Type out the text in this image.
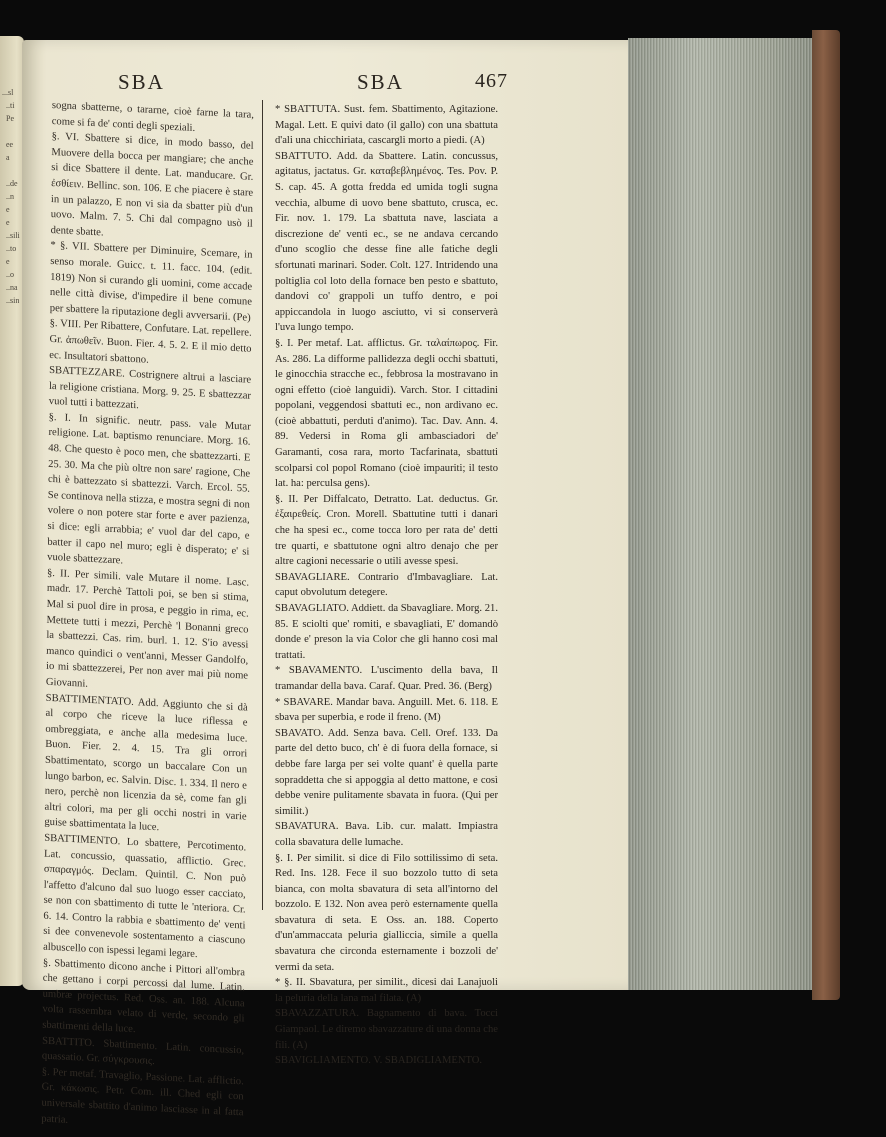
...sl
..ti
Pe

ee
a

..de
..n
e
e
..sili
..to
e
..o
..na
..sin
SBA	SBA	467

sogna sbatterne, o tararne, cioè farne la tara, come si fa de' conti degli speziali.

§. VI. Sbattere si dice, in modo basso, del Muovere della bocca per mangiare; che anche si dice Sbattere il dente. Lat. manducare. Gr. ἐσθίειν. Bellinc. son. 106. E che piacere è stare in un palazzo, E non vi sia da sbatter più d'un uovo. Malm. 7. 5. Chi dal compagno usò il dente sbatte.

* §. VII. Sbattere per Diminuire, Scemare, in senso morale. Guicc. t. 11. facc. 104. (edit. 1819) Non si curando gli uomini, come accade nelle città divise, d'impedire il bene comune per sbattere la riputazione degli avversarii. (Pe)

§. VIII. Per Ribattere, Confutare. Lat. repellere. Gr. ἀπωθεῖν. Buon. Fier. 4. 5. 2. E il mio detto ec. Insultatori sbattono.

SBATTEZZARE. Costrignere altrui a lasciare la religione cristiana. Morg. 9. 25. E sbattezzar vuol tutti i battezzati.

§. I. In signific. neutr. pass. vale Mutar religione. Lat. baptismo renunciare. Morg. 16. 48. Che questo è poco men, che sbattezzarti. E 25. 30. Ma che più oltre non sare' ragione, Che chi è battezzato si sbattezzi. Varch. Ercol. 55. Se continova nella stizza, e mostra segni di non volere o non potere star forte e aver pazienza, si dice: egli arrabbia; e' vuol dar del capo, e batter il capo nel muro; egli è disperato; e' si vuole sbattezzare.

§. II. Per simili. vale Mutare il nome. Lasc. madr. 17. Perchè Tattoli poi, se ben si stima, Mal si puol dire in prosa, e peggio in rima, ec. Mettete tutti i mezzi, Perchè 'l Bonanni greco la sbattezzi. Cas. rim. burl. 1. 12. S'io avessi manco quindici o vent'anni, Messer Gandolfo, io mi sbattezzerei, Per non aver mai più nome Giovanni.

SBATTIMENTATO. Add. Aggiunto che si dà al corpo che riceve la luce riflessa e ombreggiata, e anche alla medesima luce. Buon. Fier. 2. 4. 15. Tra gli orrori Sbattimentato, scorgo un baccalare Con un lungo barbon, ec. Salvin. Disc. 1. 334. Il nero e nero, perchè non licenzia da sè, come fan gli altri colori, ma per gli occhi nostri in varie guise sbattimentata la luce.

SBATTIMENTO. Lo sbattere, Percotimento. Lat. concussio, quassatio, afflictio. Grec. σπαραγμός. Declam. Quintil. C. Non può l'affetto d'alcuno dal suo luogo esser cacciato, se non con sbattimento di tutte le 'nteriora. Cr. 6. 14. Contro la rabbia e sbattimento de' venti si dee convenevole sostentamento a ciascuno albuscello con ispessi legami legare.

§. Sbattimento dicono anche i Pittori all'ombra che gettano i corpi percossi dal lume. Latin. umbræ projectus. Red. Oss. an. 188. Alcuna volta rassembra velato di verde, secondo gli sbattimenti della luce.

SBATTITO. Sbattimento. Latin. concussio, quassatio. Gr. σύγκρουσις.

§. Per metaf. Travaglio, Passione. Lat. afflictio. Gr. κάκωσις. Petr. Com. ill. Ched egli con universale sbattito d'animo lasciasse in al fatta patria.

* SBATTUTA. Sust. fem. Sbattimento, Agitazione. Magal. Lett. E quivi dato (il gallo) con una sbattuta d'ali una chicchiriata, cascargli morto a piedi. (A)

SBATTUTO. Add. da Sbattere. Latin. concussus, agitatus, jactatus. Gr. καταβεβλημένος. Tes. Pov. P. S. cap. 45. A gotta fredda ed umida togli sugna vecchia, albume di uovo bene sbattuto, crusca, ec. Fir. nov. 1. 179. La sbattuta nave, lasciata a discrezione de' venti ec., se ne andava cercando d'uno scoglio che desse fine alle fatiche degli sfortunati marinari. Soder. Colt. 127. Intridendo una poltiglia col loto della fornace ben pesto e sbattuto, dandovi co' grappoli un tuffo dentro, e poi appiccandola in luogo asciutto, vi si conserverà l'uva lungo tempo.

§. I. Per metaf. Lat. afflictus. Gr. ταλαίπωρος. Fir. As. 286. La difforme pallidezza degli occhi sbattuti, le ginocchia stracche ec., febbrosa la mostravano in ogni effetto (cioè languidi). Varch. Stor. I cittadini popolani, veggendosi sbattuti ec., non ardivano ec. (cioè abbattuti, perduti d'animo). Tac. Dav. Ann. 4. 89. Vedersi in Roma gli ambasciadori de' Garamanti, cosa rara, morto Tacfarinata, sbattuti scolparsi col popol Romano (cioè impauriti; il testo lat. ha: perculsa gens).

§. II. Per Diffalcato, Detratto. Lat. deductus. Gr. ἐξαιρεθείς. Cron. Morell. Sbattutine tutti i danari che ha spesi ec., come tocca loro per rata de' detti tre quarti, e sbattutone ogni altro denajo che per altre cagioni necessarie o utili avesse spesi.

SBAVAGLIARE. Contrario d'Imbavagliare. Lat. caput obvolutum detegere.

SBAVAGLIATO. Addiett. da Sbavagliare. Morg. 21. 85. E sciolti que' romiti, e sbavagliati, E' domandò donde e' preson la via Color che gli hanno così mal trattati.

* SBAVAMENTO. L'uscimento della bava, Il tramandar della bava. Caraf. Quar. Pred. 36. (Berg)

* SBAVARE. Mandar bava. Anguill. Met. 6. 118. E sbava per superbia, e rode il freno. (M)

SBAVATO. Add. Senza bava. Cell. Oref. 133. Da parte del detto buco, ch' è di fuora della fornace, si debbe fare larga per sei volte quant' è quella parte sopraddetta che si appoggia al detto mattone, e così debbe venire pulitamente sbavata in fuora. (Qui per similit.)

SBAVATURA. Bava. Lib. cur. malatt. Impiastra colla sbavatura delle lumache.

§. I. Per similit. si dice di Filo sottilissimo di seta. Red. Ins. 128. Fece il suo bozzolo tutto di seta bianca, con molta sbavatura di seta all'intorno del bozzolo. E 132. Non avea però esternamente quella sbavatura di seta. E Oss. an. 188. Coperto d'un'ammaccata peluria gialliccia, simile a quella sbavatura che circonda esternamente i bozzoli de' vermi da seta.

* §. II. Sbavatura, per similit., dicesi dai Lanajuoli la peluria della lana mal filata. (A)

SBAVAZZATURA. Bagnamento di bava. Tocci Giampaol. Le diremo sbavazzature di una donna che fili. (A)

SBAVIGLIAMENTO. V. SBADIGLIAMENTO.
